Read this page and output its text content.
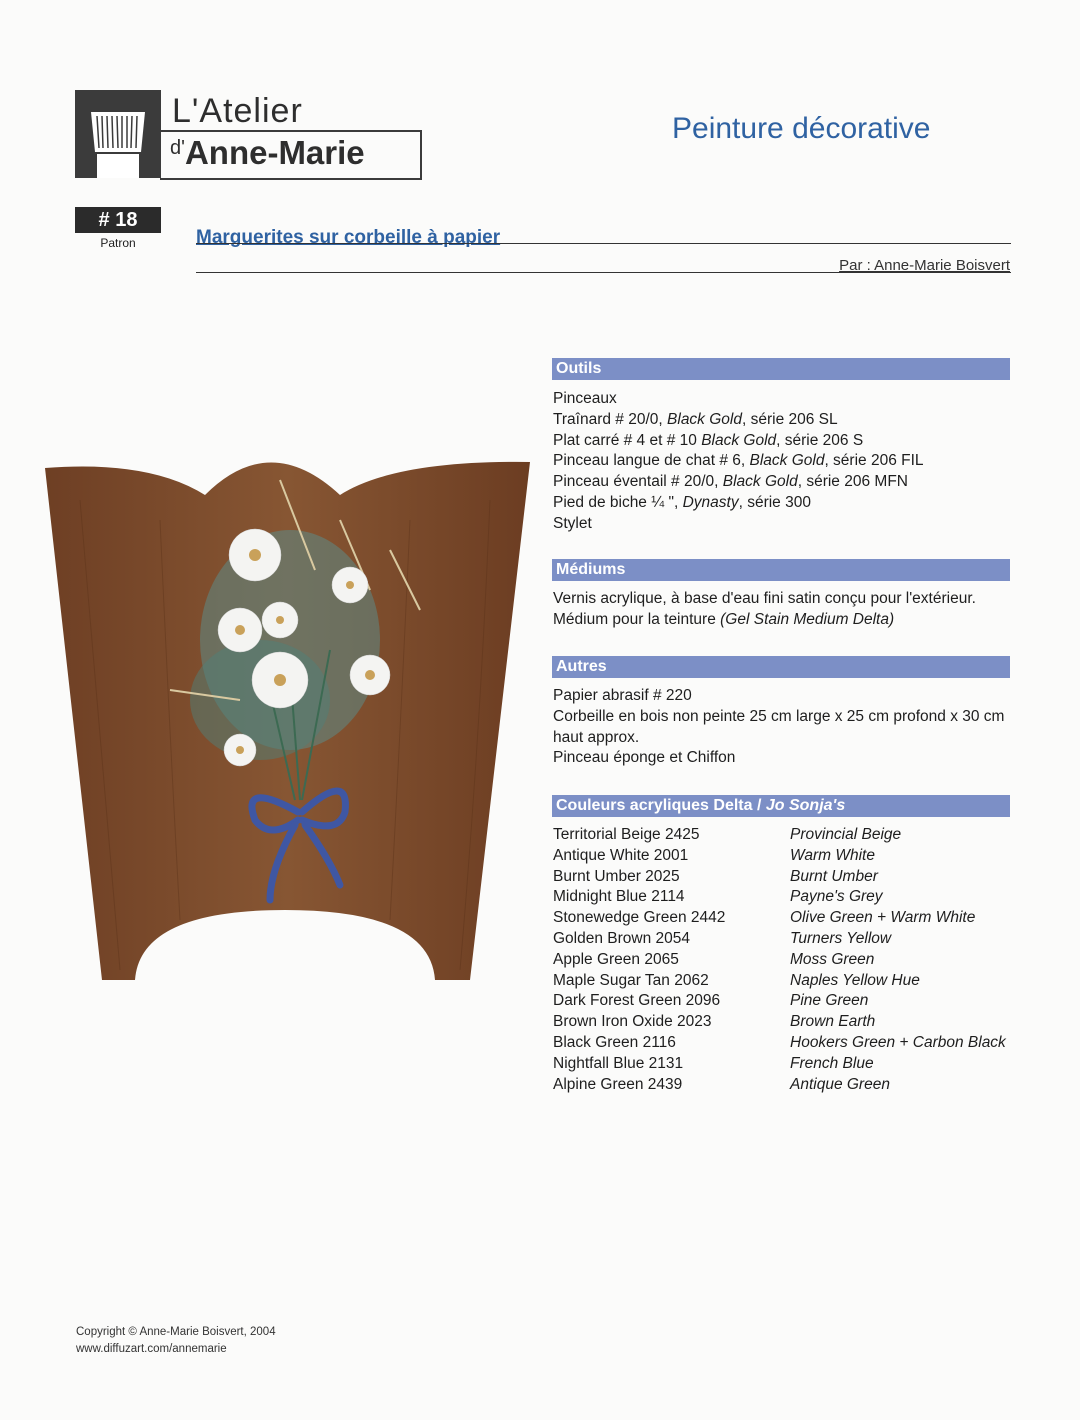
L'Atelier
$^{d'}$Anne-Marie
Peinture décorative
# 18
Patron	Marguerites sur corbeille à papier
Par : Anne-Marie Boisvert
Outils
Pinceaux
Traînard # 20/0, Black Gold, série 206 SL
Plat carré # 4 et # 10 Black Gold, série 206 S
Pinceau langue de chat # 6, Black Gold, série 206 FIL
Pinceau éventail # 20/0, Black Gold, série 206 MFN
Pied de biche ¼ ", Dynasty, série 300
Stylet
Médiums
Vernis acrylique, à base d'eau fini satin conçu pour l'extérieur.
Médium pour la teinture (Gel Stain Medium Delta)
Autres
Papier abrasif # 220
Corbeille en bois non peinte 25 cm large x 25 cm profond x 30 cm haut approx.
Pinceau éponge et Chiffon
Couleurs acryliques Delta / Jo Sonja's
Territorial Beige 2425	Provincial Beige
Antique White 2001	Warm White
Burnt Umber 2025	Burnt Umber
Midnight Blue 2114	Payne's Grey
Stonewedge Green 2442	Olive Green + Warm White
Golden Brown 2054	Turners Yellow
Apple Green 2065	Moss Green
Maple Sugar Tan 2062	Naples Yellow Hue
Dark Forest Green 2096	Pine Green
Brown Iron Oxide 2023	Brown Earth
Black Green 2116	Hookers Green + Carbon Black
Nightfall Blue 2131	French Blue
Alpine Green 2439	Antique Green
Copyright © Anne-Marie Boisvert, 2004
www.diffuzart.com/annemarie
